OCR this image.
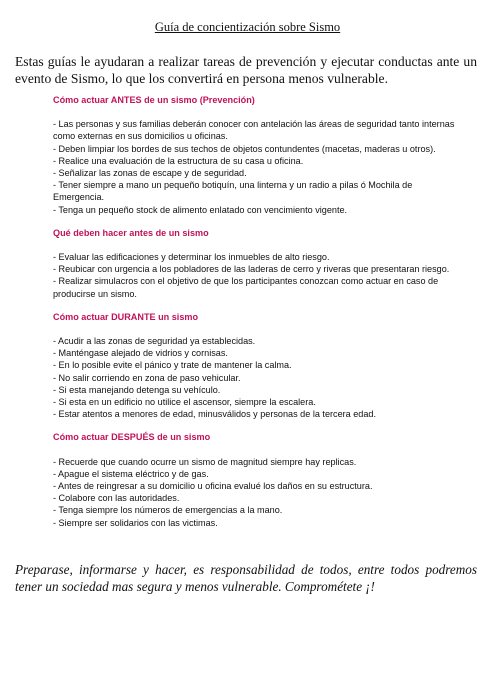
Guía de concientización sobre Sismo
Estas guías le ayudaran a realizar tareas de prevención y ejecutar conductas ante un evento de Sismo, lo que los convertirá en persona menos vulnerable.
Cómo actuar ANTES de un sismo (Prevención)
- Las personas y sus familias deberán conocer con antelación las áreas de seguridad tanto internas como externas en sus domicilios u oficinas.
- Deben limpiar los bordes de sus techos de objetos contundentes (macetas, maderas u otros).
- Realice una evaluación de la estructura de su casa u oficina.
- Señalizar las zonas de escape y de seguridad.
- Tener siempre a mano un pequeño botiquín, una linterna y un radio a pilas ó Mochila de Emergencia.
- Tenga un pequeño stock de alimento enlatado con vencimiento vigente.
Qué deben hacer antes de un sismo
- Evaluar las edificaciones y determinar los inmuebles de alto riesgo.
- Reubicar con urgencia a los pobladores de las laderas de cerro y riveras que presentaran riesgo.
- Realizar simulacros con el objetivo de que los participantes conozcan como actuar en caso de producirse un sismo.
Cómo actuar DURANTE un sismo
- Acudir a las zonas de seguridad ya establecidas.
- Manténgase alejado de vidrios y cornisas.
- En lo posible evite el pánico y trate de mantener la calma.
- No salir corriendo en zona de paso vehicular.
- Si esta manejando detenga su vehículo.
- Si esta en un edificio no utilice el ascensor, siempre la escalera.
- Estar atentos a menores de edad, minusválidos y personas de la tercera edad.
Cómo actuar DESPUÉS de un sismo
- Recuerde que cuando ocurre un sismo de magnitud siempre hay replicas.
- Apague el sistema eléctrico y de gas.
- Antes de reingresar a su domicilio u oficina evalué los daños en su estructura.
- Colabore con las autoridades.
- Tenga siempre los números de emergencias a la mano.
- Siempre ser solidarios con las victimas.
Preparase, informarse y hacer, es responsabilidad de todos, entre todos podremos tener un sociedad mas segura y menos vulnerable. Comprométete ¡!
